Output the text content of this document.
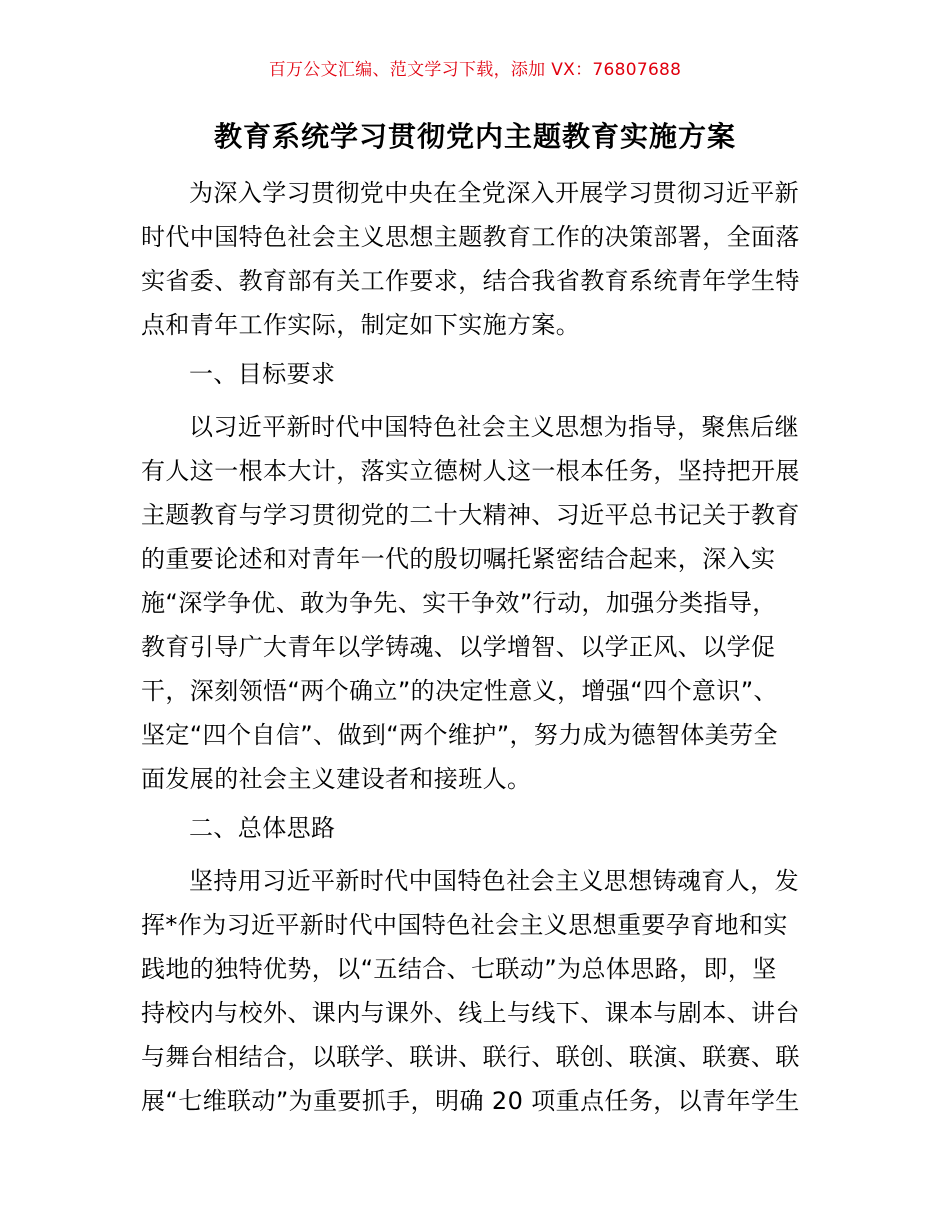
百万公文汇编、范文学习下载，添加 VX：76807688
教育系统学习贯彻党内主题教育实施方案
为深入学习贯彻党中央在全党深入开展学习贯彻习近平新
时代中国特色社会主义思想主题教育工作的决策部署，全面落
实省委、教育部有关工作要求，结合我省教育系统青年学生特
点和青年工作实际，制定如下实施方案。
一、目标要求
以习近平新时代中国特色社会主义思想为指导，聚焦后继
有人这一根本大计，落实立德树人这一根本任务，坚持把开展
主题教育与学习贯彻党的二十大精神、习近平总书记关于教育
的重要论述和对青年一代的殷切嘱托紧密结合起来，深入实
施“深学争优、敢为争先、实干争效”行动，加强分类指导，
教育引导广大青年以学铸魂、以学增智、以学正风、以学促
干，深刻领悟“两个确立”的决定性意义，增强“四个意识”、
坚定“四个自信”、做到“两个维护”，努力成为德智体美劳全
面发展的社会主义建设者和接班人。
二、总体思路
坚持用习近平新时代中国特色社会主义思想铸魂育人，发
挥*作为习近平新时代中国特色社会主义思想重要孕育地和实
践地的独特优势，以“五结合、七联动”为总体思路，即，坚
持校内与校外、课内与课外、线上与线下、课本与剧本、讲台
与舞台相结合，以联学、联讲、联行、联创、联演、联赛、联
展“七维联动”为重要抓手，明确 20 项重点任务，以青年学生
